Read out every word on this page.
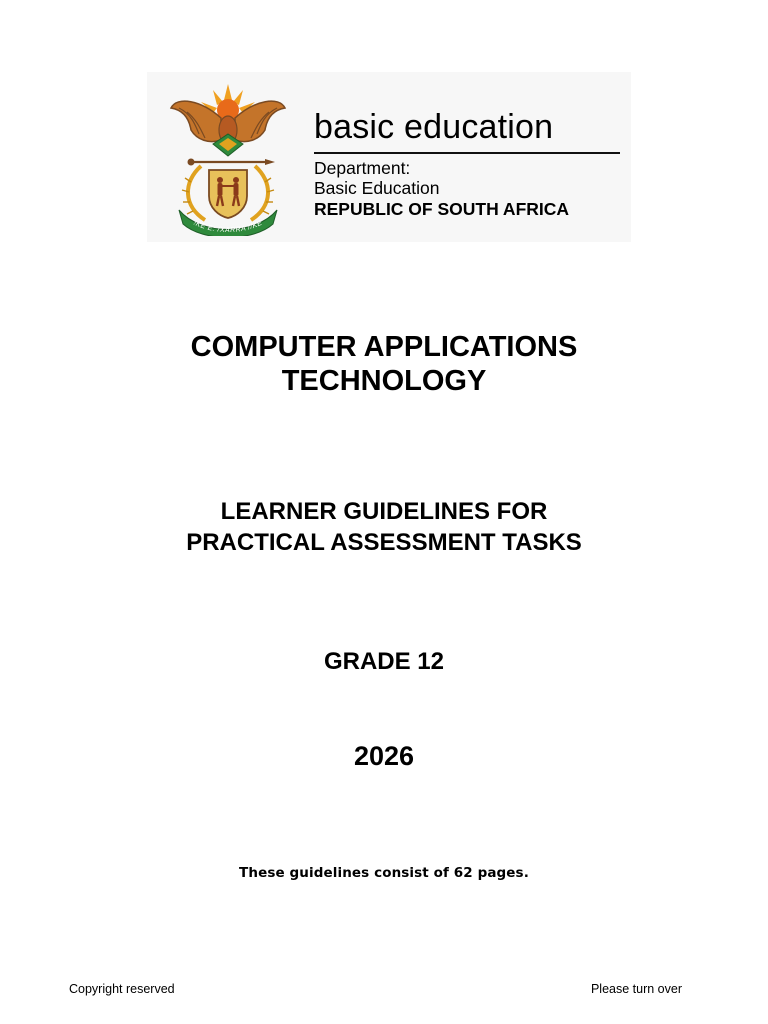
!KE E: /XARRA //KE
basic education
Department:
Basic Education
REPUBLIC OF SOUTH AFRICA
COMPUTER APPLICATIONS
TECHNOLOGY
LEARNER GUIDELINES FOR
PRACTICAL ASSESSMENT TASKS
GRADE 12
2026
These guidelines consist of 62 pages.
Copyright reserved	Please turn over
